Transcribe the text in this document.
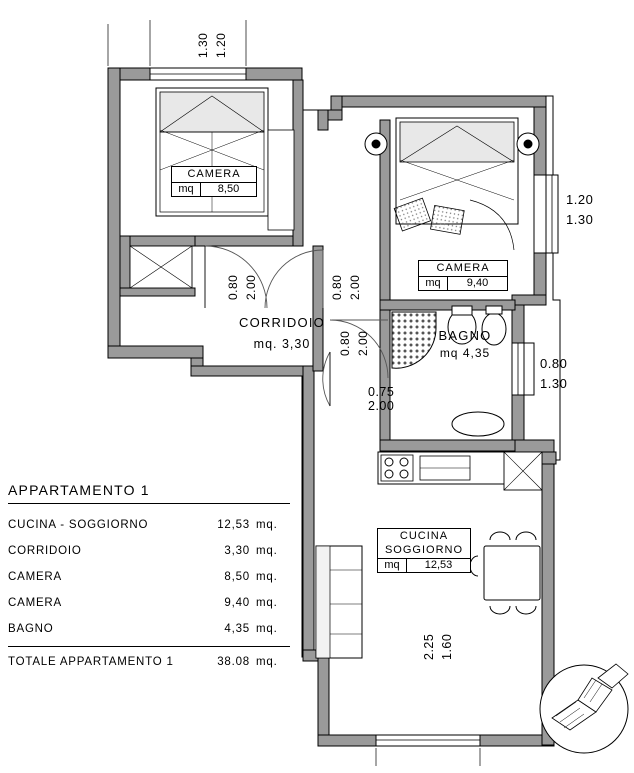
1.20
1.30
1.20
1.30
0.80
1.30
0.80 2.00	0.80 2.00
0.80 2.00
0.75
2.00
1.60
2.25
CAMERA
mq	8,50
CAMERA
mq	9,40
BAGNO
mq 4,35
CORRIDOIO
mq. 3,30
CUCINA
SOGGIORNO
mq	12,53
APPARTAMENTO 1
CUCINA - SOGGIORNO	12,53	mq.
CORRIDOIO	3,30	mq.
CAMERA	8,50	mq.
CAMERA	9,40	mq.
BAGNO	4,35	mq.
TOTALE APPARTAMENTO 1	38.08	mq.
